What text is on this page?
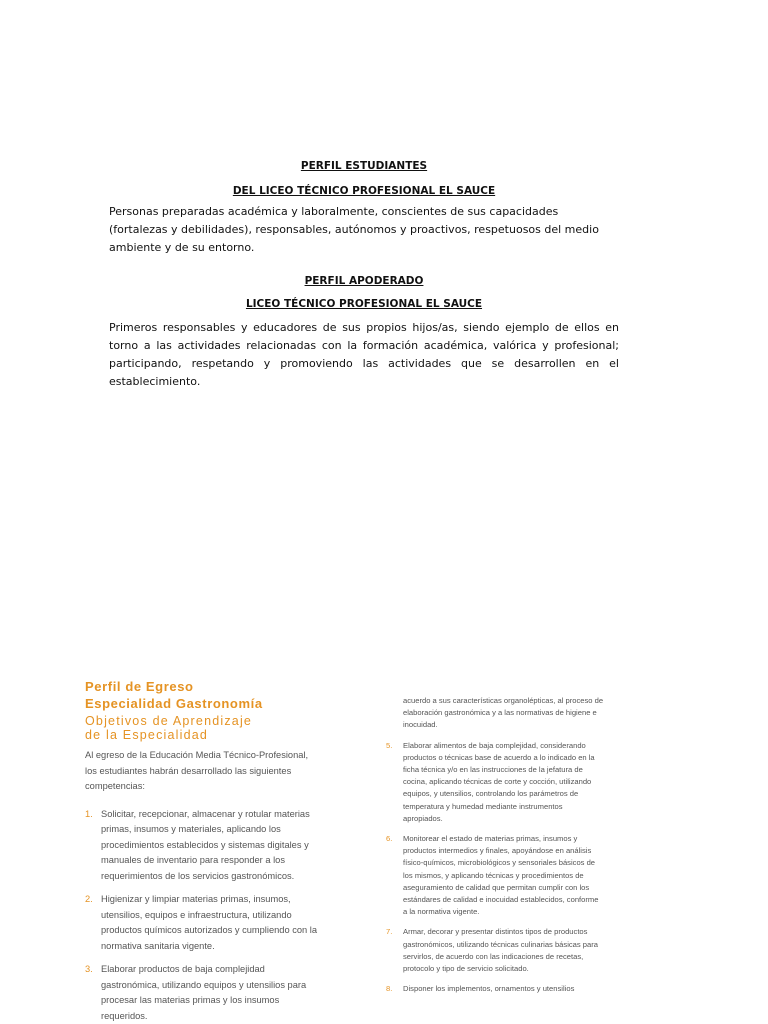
PERFIL ESTUDIANTES

DEL LICEO TÉCNICO PROFESIONAL EL SAUCE

Personas preparadas académica y laboralmente, conscientes de sus capacidades (fortalezas y debilidades), responsables, autónomos y proactivos, respetuosos del medio ambiente y de su entorno.

PERFIL APODERADO

LICEO TÉCNICO PROFESIONAL EL SAUCE

Primeros responsables y educadores de sus propios hijos/as, siendo ejemplo de ellos en torno a las actividades relacionadas con la formación académica, valórica y profesional; participando, respetando y promoviendo las actividades que se desarrollen en el establecimiento.

Perfil de Egreso

Especialidad Gastronomía

Objetivos de Aprendizaje

de la Especialidad

Al egreso de la Educación Media Técnico-Profesional, los estudiantes habrán desarrollado las siguientes competencias:

1. Solicitar, recepcionar, almacenar y rotular materias primas, insumos y materiales, aplicando los procedimientos establecidos y sistemas digitales y manuales de inventario para responder a los requerimientos de los servicios gastronómicos.
2. Higienizar y limpiar materias primas, insumos, utensilios, equipos e infraestructura, utilizando productos químicos autorizados y cumpliendo con la normativa sanitaria vigente.
3. Elaborar productos de baja complejidad gastronómica, utilizando equipos y utensilios para procesar las materias primas y los insumos requeridos.
acuerdo a sus características organolépticas, al proceso de elaboración gastronómica y a las normativas de higiene e inocuidad.
5.	Elaborar alimentos de baja complejidad, considerando productos o técnicas base de acuerdo a lo indicado en la ficha técnica y/o en las instrucciones de la jefatura de cocina, aplicando técnicas de corte y cocción, utilizando equipos, y utensilios, controlando los parámetros de temperatura y humedad mediante instrumentos apropiados.
6.	Monitorear el estado de materias primas, insumos y productos intermedios y finales, apoyándose en análisis físico-químicos, microbiológicos y sensoriales básicos de los mismos, y aplicando técnicas y procedimientos de aseguramiento de calidad que permitan cumplir con los estándares de calidad e inocuidad establecidos, conforme a la normativa vigente.
7.	Armar, decorar y presentar distintos tipos de productos gastronómicos, utilizando técnicas culinarias básicas para servirlos, de acuerdo con las indicaciones de recetas, protocolo y tipo de servicio solicitado.
8.	Disponer los implementos, ornamentos y utensilios
